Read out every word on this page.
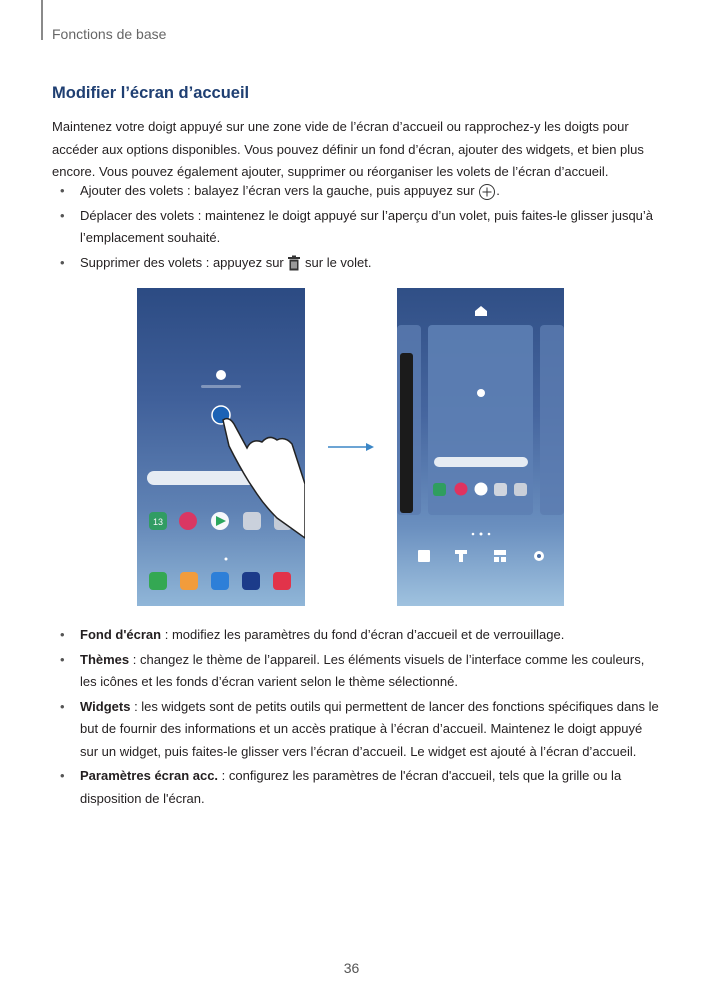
Fonctions de base
Modifier l’écran d’accueil
Maintenez votre doigt appuyé sur une zone vide de l’écran d’accueil ou rapprochez-y les doigts pour accéder aux options disponibles. Vous pouvez définir un fond d’écran, ajouter des widgets, et bien plus encore. Vous pouvez également ajouter, supprimer ou réorganiser les volets de l’écran d’accueil.
• Ajouter des volets : balayez l’écran vers la gauche, puis appuyez sur .
• Déplacer des volets : maintenez le doigt appuyé sur l’aperçu d’un volet, puis faites-le glisser jusqu’à l’emplacement souhaité.
• Supprimer des volets : appuyez sur sur le volet.
13
• Fond d'écran : modifiez les paramètres du fond d’écran d’accueil et de verrouillage.
• Thèmes : changez le thème de l’appareil. Les éléments visuels de l’interface comme les couleurs, les icônes et les fonds d’écran varient selon le thème sélectionné.
• Widgets : les widgets sont de petits outils qui permettent de lancer des fonctions spécifiques dans le but de fournir des informations et un accès pratique à l’écran d’accueil. Maintenez le doigt appuyé sur un widget, puis faites-le glisser vers l’écran d’accueil. Le widget est ajouté à l’écran d’accueil.
• Paramètres écran acc. : configurez les paramètres de l'écran d'accueil, tels que la grille ou la disposition de l'écran.
36
